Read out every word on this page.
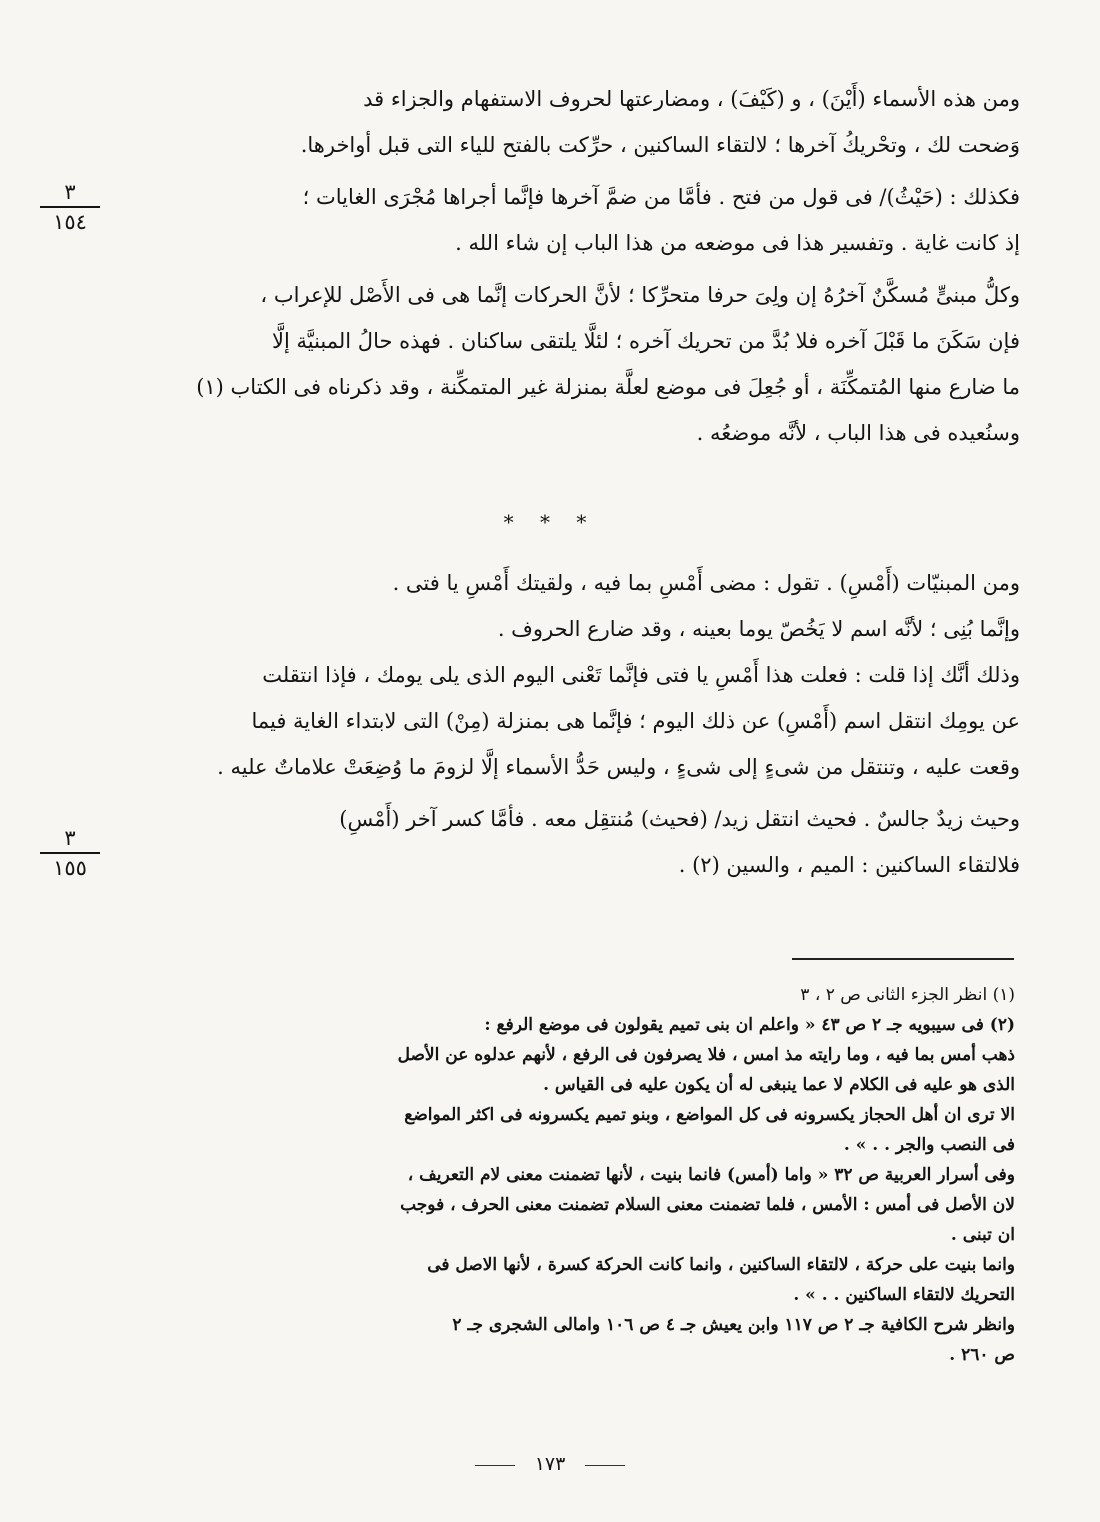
ومن هذه الأسماء (أَيْنَ) ، و (كَيْفَ) ، ومضارعتها لحروف الاستفهام والجزاء قد
وَضحت لك ، وتحْريكُ آخرها ؛ لالتقاء الساكنين ، حرِّكت بالفتح للياء التى قبل أواخرها.
فكذلك : (حَيْثُ)/ فى قول من فتح . فأمَّا من ضمَّ آخرها فإنَّما أجراها مُجْرَى الغايات ؛
إذ كانت غاية . وتفسير هذا فى موضعه من هذا الباب إن شاء الله .
وكلُّ مبنىٍّ مُسكَّنٌ آخرُهُ إن ولِىَ حرفا متحرِّكا ؛ لأنَّ الحركات إنَّما هى فى الأَصْل للإعراب ،
فإن سَكَنَ ما قَبْلَ آخره فلا بُدَّ من تحريك آخره ؛ لئلَّا يلتقى ساكنان . فهذه حالُ المبنيَّة إلَّا
ما ضارع منها المُتمكِّنَة ، أو جُعِلَ فى موضع لعلَّة بمنزلة غير المتمكِّنة ، وقد ذكرناه فى الكتاب (١)
وسنُعيده فى هذا الباب ، لأنَّه موضعُه .
٣
١٥٤
* * *
ومن المبنيّات (أَمْسِ) . تقول : مضى أَمْسِ بما فيه ، ولقيتك أَمْسِ يا فتى .
وإنَّما بُنِى ؛ لأنَّه اسم لا يَخُصّ يوما بعينه ، وقد ضارع الحروف .
وذلك أنَّك إذا قلت : فعلت هذا أَمْسِ يا فتى فإنَّما تَعْنى اليوم الذى يلى يومك ، فإذا انتقلت
عن يومِك انتقل اسم (أَمْسِ) عن ذلك اليوم ؛ فإنَّما هى بمنزلة (مِنْ) التى لابتداء الغاية فيما
وقعت عليه ، وتنتقل من شىءٍ إلى شىءٍ ، وليس حَدُّ الأسماء إلَّا لزومَ ما وُضِعَتْ علاماتٌ عليه .
وحيث زيدٌ جالسٌ . فحيث انتقل زيد/ (فحيث) مُنتقِل معه . فأمَّا كسر آخر (أَمْسِ)
فلالتقاء الساكنين : الميم ، والسين (٢) .
٣
١٥٥
(١) انظر الجزء الثانى ص ٢ ، ٣
(٢) فى سيبويه جـ ٢ ص ٤٣ « واعلم ان بنى تميم يقولون فى موضع الرفع :
ذهب أمس بما فيه ، وما رايته مذ امس ، فلا يصرفون فى الرفع ، لأنهم عدلوه عن الأصل
الذى هو عليه فى الكلام لا عما ينبغى له أن يكون عليه فى القياس .
الا ترى ان أهل الحجاز يكسرونه فى كل المواضع ، وبنو تميم يكسرونه فى اكثر المواضع
فى النصب والجر . . » .
وفى أسرار العربية ص ٣٢ « واما (أمس) فانما بنيت ، لأنها تضمنت معنى لام التعريف ،
لان الأصل فى أمس : الأمس ، فلما تضمنت معنى السلام تضمنت معنى الحرف ، فوجب
ان تبنى .
وانما بنيت على حركة ، لالتقاء الساكنين ، وانما كانت الحركة كسرة ، لأنها الاصل فى
التحريك لالتقاء الساكنين . . » .
وانظر شرح الكافية جـ ٢ ص ١١٧ وابن يعيش جـ ٤ ص ١٠٦ وامالى الشجرى جـ ٢
ص ٢٦٠ .
١٧٣
